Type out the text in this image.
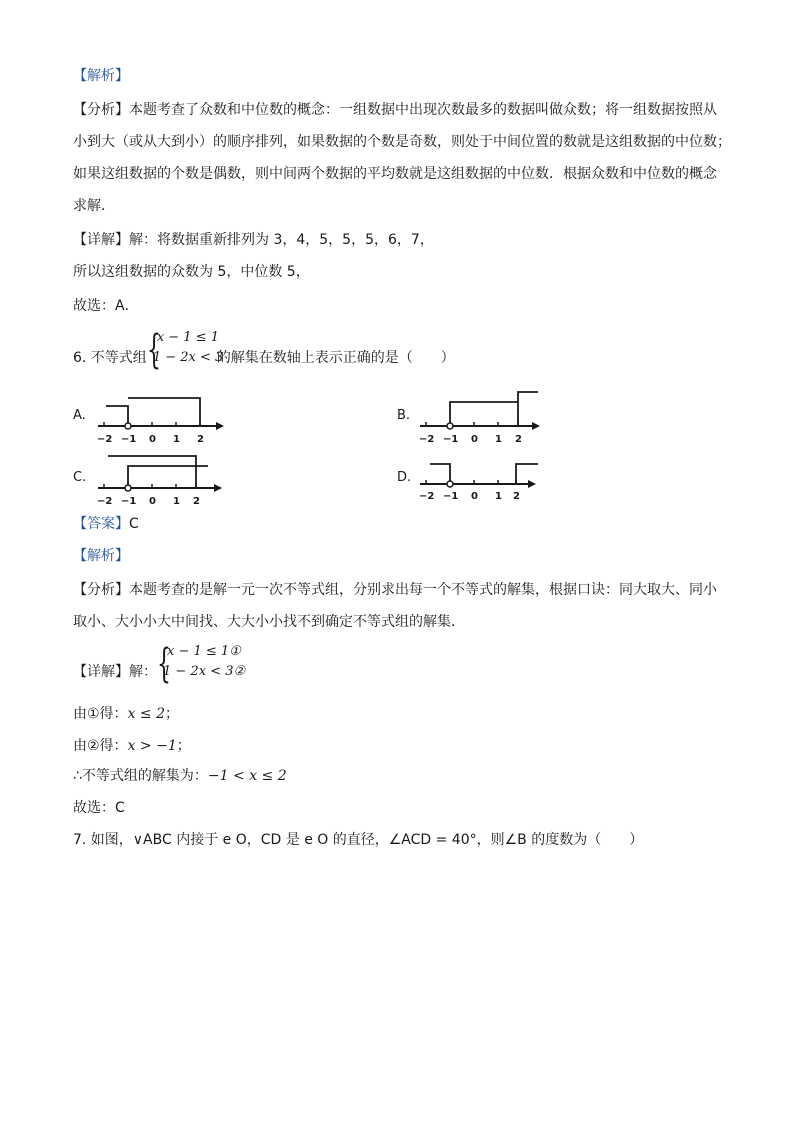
【解析】
【分析】本题考查了众数和中位数的概念：一组数据中出现次数最多的数据叫做众数；将一组数据按照从
小到大（或从大到小）的顺序排列，如果数据的个数是奇数，则处于中间位置的数就是这组数据的中位数；
如果这组数据的个数是偶数，则中间两个数据的平均数就是这组数据的中位数．根据众数和中位数的概念
求解．
【详解】解：将数据重新排列为 3，4，5，5，5，6，7，
所以这组数据的众数为 5，中位数 5，
故选：A．
6. 不等式组 {
x − 1 ≤ 1
1 − 2x < 3
的解集在数轴上表示正确的是（　　）
A.
−2 −1 0 1 2
B.
−2 −1 0 1 2
C.
−2 −1 0 1 2
D.
−2 −1 0 1 2
【答案】C
【解析】
【分析】本题考查的是解一元一次不等式组，分别求出每一个不等式的解集，根据口诀：同大取大、同小
取小、大小小大中间找、大大小小找不到确定不等式组的解集．
【详解】解： {
x − 1 ≤ 1①
1 − 2x < 3②
由①得：x ≤ 2；
由②得：x > −1；
∴不等式组的解集为：−1 < x ≤ 2
故选：C
7. 如图，∨ABC 内接于 e O，CD 是 e O 的直径，∠ACD = 40°，则∠B 的度数为（　　）
